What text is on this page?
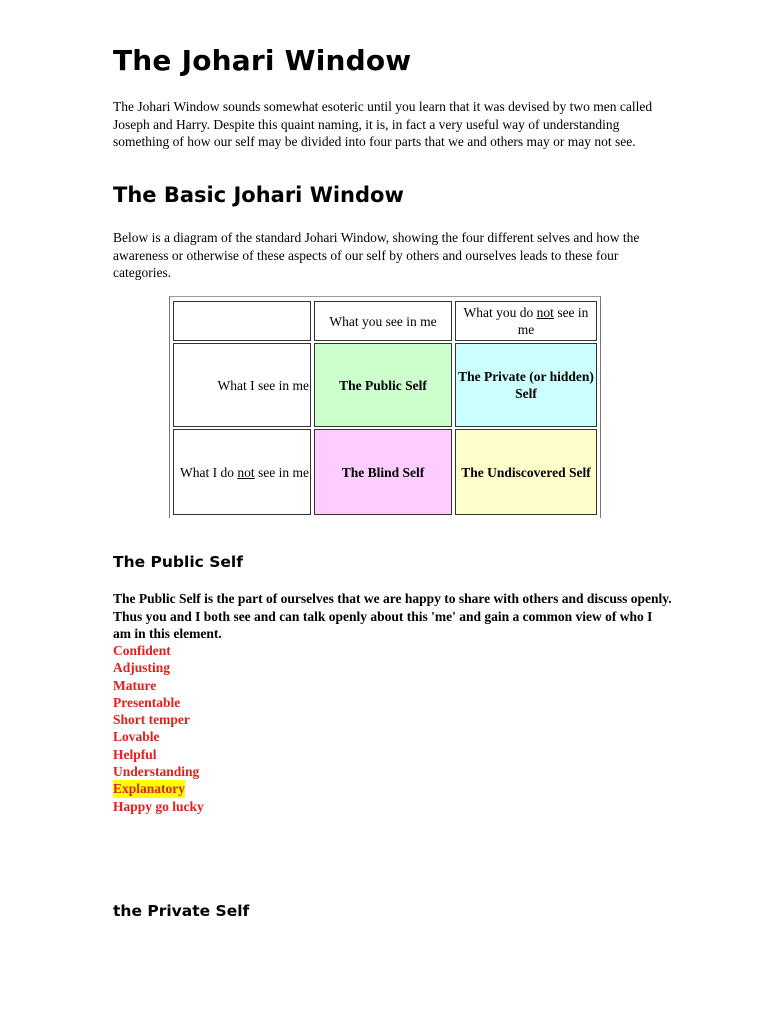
The Johari Window
The Johari Window sounds somewhat esoteric until you learn that it was devised by two men called Joseph and Harry. Despite this quaint naming, it is, in fact a very useful way of understanding something of how our self may be divided into four parts that we and others may or may not see.
The Basic Johari Window
Below is a diagram of the standard Johari Window, showing the four different selves and how the awareness or otherwise of these aspects of our self by others and ourselves leads to these four categories.
The Public Self
The Public Self is the part of ourselves that we are happy to share with others and discuss openly. Thus you and I both see and can talk openly about this 'me' and gain a common view of who I am in this element.
Confident
Adjusting
Mature
Presentable
Short temper
Lovable
Helpful
Understanding
Explanatory
Happy go lucky
the Private Self
What you see in me
What you do not see in me
What I see in me
What I do not see in me
The Public Self
The Private (or hidden) Self
The Blind Self	The Undiscovered Self
